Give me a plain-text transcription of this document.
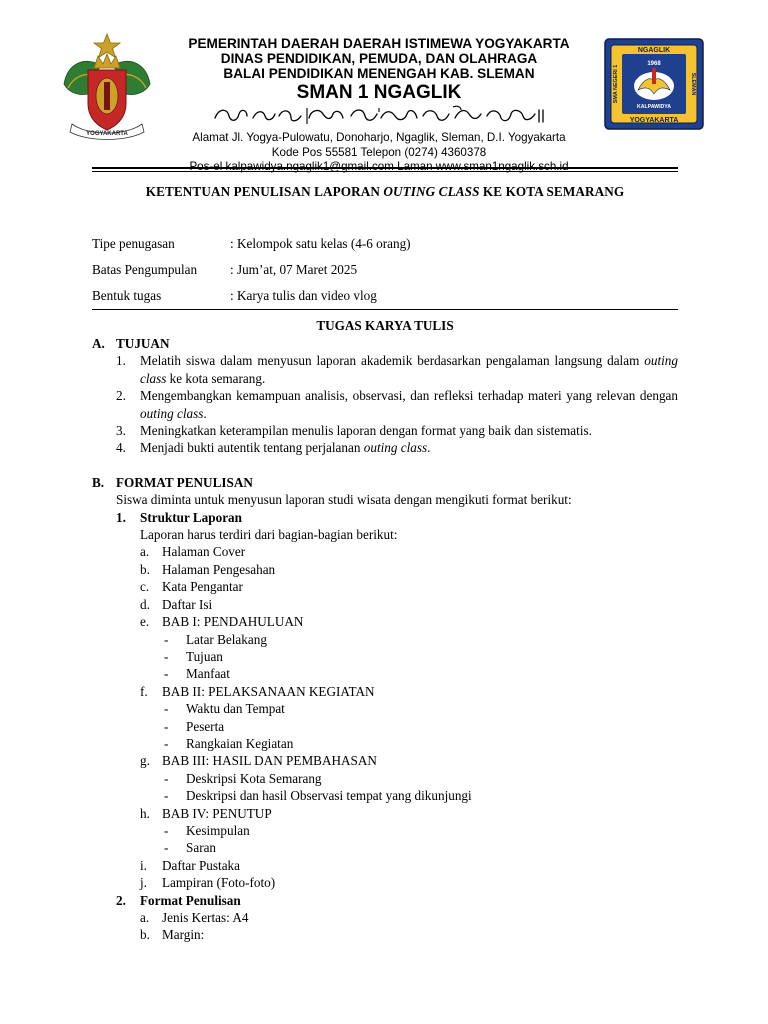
YOGYAKARTA
PEMERINTAH DAERAH DAERAH ISTIMEWA YOGYAKARTA
DINAS PENDIDIKAN, PEMUDA, DAN OLAHRAGA
BALAI PENDIDIKAN MENENGAH KAB. SLEMAN
SMAN 1 NGAGLIK
Alamat Jl. Yogya-Pulowatu, Donoharjo, Ngaglik, Sleman, D.I. Yogyakarta
Kode Pos 55581 Telepon (0274) 4360378
Pos-el kalpawidya.ngaglik1@gmail.com Laman www.sman1ngaglik.sch.id
NGAGLIK
YOGYAKARTA
SMA NEGERI 1	SLEMAN
1968
KALPAWIDYA
KETENTUAN PENULISAN LAPORAN OUTING CLASS KE KOTA SEMARANG
Tipe penugasan	: Kelompok satu kelas (4-6 orang)
Batas Pengumpulan : Jum’at, 07 Maret 2025
Bentuk tugas	: Karya tulis dan video vlog
TUGAS KARYA TULIS
A. TUJUAN
1. Melatih siswa dalam menyusun laporan akademik berdasarkan pengalaman langsung dalam outing class ke kota semarang.
2. Mengembangkan kemampuan analisis, observasi, dan refleksi terhadap materi yang relevan dengan outing class.
3. Meningkatkan keterampilan menulis laporan dengan format yang baik dan sistematis.
4. Menjadi bukti autentik tentang perjalanan outing class.
B. FORMAT PENULISAN
Siswa diminta untuk menyusun laporan studi wisata dengan mengikuti format berikut:
1. Struktur Laporan
Laporan harus terdiri dari bagian-bagian berikut:
a. Halaman Cover
b. Halaman Pengesahan
c. Kata Pengantar
d. Daftar Isi
e. BAB I: PENDAHULUAN
- Latar Belakang
- Tujuan
- Manfaat
f. BAB II: PELAKSANAAN KEGIATAN
- Waktu dan Tempat
- Peserta
- Rangkaian Kegiatan
g. BAB III: HASIL DAN PEMBAHASAN
- Deskripsi Kota Semarang
- Deskripsi dan hasil Observasi tempat yang dikunjungi
h. BAB IV: PENUTUP
- Kesimpulan
- Saran
i. Daftar Pustaka
j. Lampiran (Foto-foto)
2. Format Penulisan
a. Jenis Kertas: A4
b. Margin:
